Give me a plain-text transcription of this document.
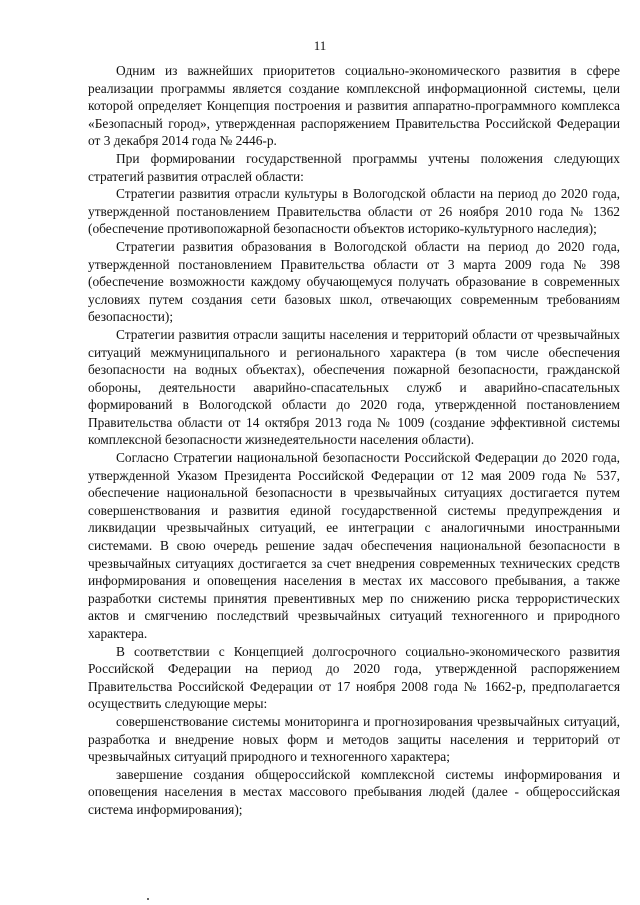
11

Одним из важнейших приоритетов социально-экономического развития в сфере реализации программы является создание комплексной информационной системы, цели которой определяет Концепция построения и развития аппаратно-программного комплекса «Безопасный город», утвержденная распоряжением Правительства Российской Федерации от 3 декабря 2014 года № 2446-р.

При формировании государственной программы учтены положения следующих стратегий развития отраслей области:

Стратегии развития отрасли культуры в Вологодской области на период до 2020 года, утвержденной постановлением Правительства области от 26 ноября 2010 года № 1362 (обеспечение противопожарной безопасности объектов историко-культурного наследия);

Стратегии развития образования в Вологодской области на период до 2020 года, утвержденной постановлением Правительства области от 3 марта 2009 года № 398 (обеспечение возможности каждому обучающемуся получать образование в современных условиях путем создания сети базовых школ, отвечающих современным требованиям безопасности);

Стратегии развития отрасли защиты населения и территорий области от чрезвычайных ситуаций межмуниципального и регионального характера (в том числе обеспечения безопасности на водных объектах), обеспечения пожарной безопасности, гражданской обороны, деятельности аварийно-спасательных служб и аварийно-спасательных формирований в Вологодской области до 2020 года, утвержденной постановлением Правительства области от 14 октября 2013 года № 1009 (создание эффективной системы комплексной безопасности жизнедеятельности населения области).

Согласно Стратегии национальной безопасности Российской Федерации до 2020 года, утвержденной Указом Президента Российской Федерации от 12 мая 2009 года № 537, обеспечение национальной безопасности в чрезвычайных ситуациях достигается путем совершенствования и развития единой государственной системы предупреждения и ликвидации чрезвычайных ситуаций, ее интеграции с аналогичными иностранными системами. В свою очередь решение задач обеспечения национальной безопасности в чрезвычайных ситуациях достигается за счет внедрения современных технических средств информирования и оповещения населения в местах их массового пребывания, а также разработки системы принятия превентивных мер по снижению риска террористических актов и смягчению последствий чрезвычайных ситуаций техногенного и природного характера.

В соответствии с Концепцией долгосрочного социально-экономического развития Российской Федерации на период до 2020 года, утвержденной распоряжением Правительства Российской Федерации от 17 ноября 2008 года № 1662-р, предполагается осуществить следующие меры:

совершенствование системы мониторинга и прогнозирования чрезвычайных ситуаций, разработка и внедрение новых форм и методов защиты населения и территорий от чрезвычайных ситуаций природного и техногенного характера;

завершение создания общероссийской комплексной системы информирования и оповещения населения в местах массового пребывания людей (далее - общероссийская система информирования);
